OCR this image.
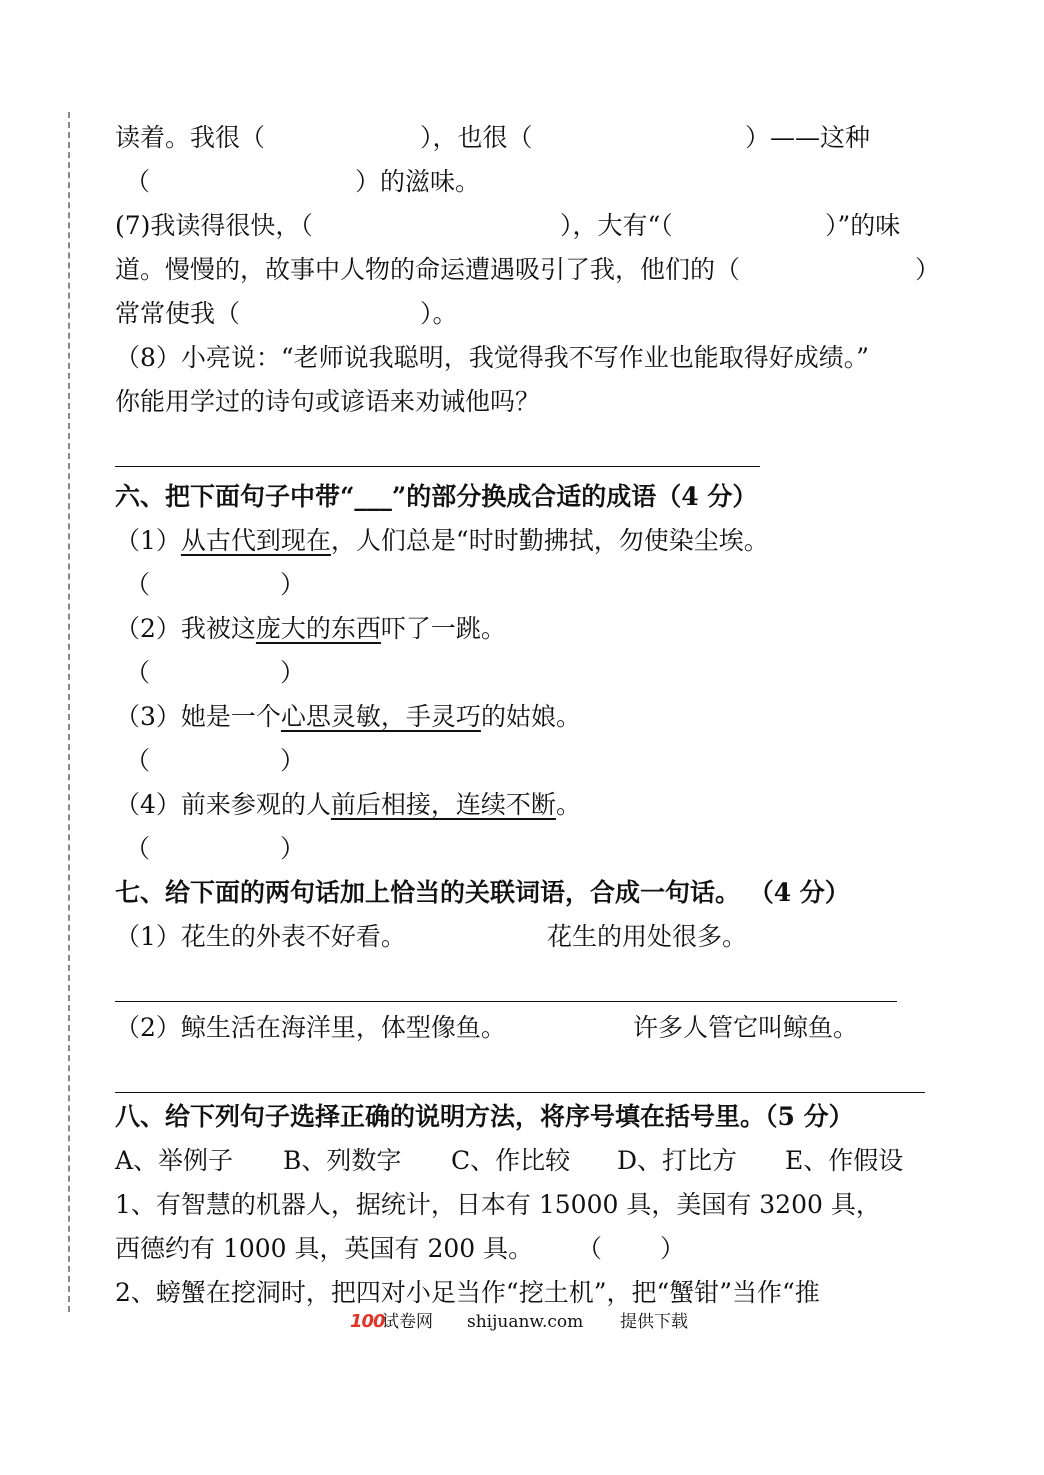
读着。我很（	），也很（	）——这种
（	）的滋味。
(7)我读得很快，（	），大有“（	）”的味
道。慢慢的，故事中人物的命运遭遇吸引了我，他们的（	）
常常使我（	）。
（8）小亮说：“老师说我聪明，我觉得我不写作业也能取得好成绩。”
你能用学过的诗句或谚语来劝诫他吗？
六、把下面句子中带“___”的部分换成合适的成语（4 分）
（1）从古代到现在，人们总是“时时勤拂拭，勿使染尘埃。
（	）
（2）我被这庞大的东西吓了一跳。
（	）
（3）她是一个心思灵敏，手灵巧的姑娘。
（	）
（4）前来参观的人前后相接，连续不断。
（	）
七、给下面的两句话加上恰当的关联词语，合成一句话。 （4 分）
（1）花生的外表不好看。	花生的用处很多。
（2）鲸生活在海洋里，体型像鱼。	许多人管它叫鲸鱼。
八、给下列句子选择正确的说明方法，将序号填在括号里。（5 分）
A、举例子 B、列数字 C、作比较 D、打比方 E、作假设
1、有智慧的机器人，据统计，日本有 15000 具，美国有 3200 具，
西德约有 1000 具，英国有 200 具。 （ ）
2、螃蟹在挖洞时，把四对小足当作“挖土机”，把“蟹钳”当作“推
100
试卷网 shijuanw.com 提供下载
